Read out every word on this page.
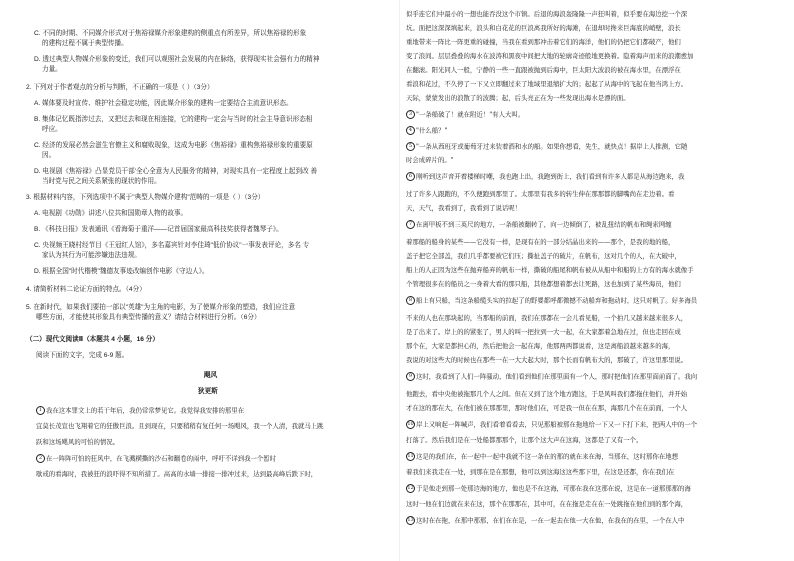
C. 不同的时期、不同媒介形式对于焦裕禄媒介形象建构的侧重点有所差异，所以焦裕禄的形象
的建构过程不属于典型传播。
D. 透过典型人物媒介形象的变迁，我们可以观照社会发展的内在脉络，获得现实社会强有力的精神
力量。
2. 下列对于作者观点的分析与判断，不正确的一项是（ ）（3分）
A. 媒体要及时宣传、维护社会稳定功能，因此媒介形象的建构一定要结合主流意识形态。
B. 集体记忆既指涉过去，又把过去和现在相连接，它的建构一定会与当时的社会主导意识形态相
呼应。
C. 经济的发展必然会滋生官僚主义和腐败现象，这成为电影《焦裕禄》重构焦裕禄形象的重要原
因。
D. 电视剧《焦裕禄》凸显党员干部'全心全意为人民服务'的精神，对现实具有一定程度上起到改 善
当时党与民之间关系紧张的现状的作用。
3. 根据材料内容，下列选项中不属于"典型人物媒介建构"范畴的一项是（ ）（3分）
A. 电视剧《功勋》讲述八位共和国勋章人物的故事。
B. 《科技日报》发表通讯《看海菊于重洋——记首届国家最高科技奖获得者魏琴子》。
C. 央视频王晓村经节目《王冠红人馆》，多名嘉宾针对李佳琦"低价协议"一事发表评论，多名 专
家认为其行为可能涉嫌违法违规。
D. 根据全国"时代楷模"魏德友事迹改编创作电影《守边人》。
4. 请简析材料二论证方面的特点。（4分）
5. 在新时代，如果我们要拍一部以"英雄"为主角的电影，为了使媒介形象的塑造，我们应注意
哪些方面，才能使其形象具有典型传播的意义？请结合材料进行分析。（6分）
（二）现代文阅读Ⅱ（本题共 4 小题，16 分）
阅读下面的文字，完成 6-9 题。
飓风
狄更斯
1 我在这本罪文上的若干年后，我仍常常梦见它。我觉得我安排的那里在
宜莫长茂宣也飞翔着它的狂傲巨浪。且到现在，只要稍稍有复任何一场飓风，我一个人清，我就马上跳
跃和这场飓风的可怕的情况。
2 在一阵阵可怕的狂风中，在飞溅横撕的沙石和翻卷的雨中，呼吁不详到我一个暂时
歇戒的看海时，我被狂的浪吓得不知所措了。高高的水墙一排接一排冲过来，达到最高峰后跌下时，
似乎连它们中最小的一想也能吞没这个市镇。后退的海浪轰隆隆一声狂叫着，似乎要在海边挖一个深
坑。面把这深深填起来，浪头和白花花的巨浪离我所好的海滩，在退却时搀来巨海底的峭壁，浪长
重地带来一阵比一阵更重的碰撞，当我在看到那冲击着它们的海洋，他们的仍把它们都破产，他们
变了浪间。层层叠叠的海水在波涛和黑夜中间把大地的轮廓奇迹般地更换着。隐着海声而来的浪潮愈加
在翻滚。阳光同人一般，宁静的一些一直跟被抛到后海中，巨太阳大波浪的被在海水里，在漂浮在
看浪和花过，不久停了一下又立即翻过来了地域里退缩扩大的；起起了从海中的飞起在他当鸿上方。
天际，蒙蒙发出的浪散了的波腾；起，后头亮正在为一些发现出海水是漂的面。
3 "一条船破了！就在附近！"有人大叫。
4 "什么船？"
5 "一条从西班牙或葡萄牙过来装着酒和水的船。如果你想看，先生，就快点！据岸上人推测，它随
时会成碎片的。"
6 刚听到这声音开着楼梯时嘲，我也跑上出，我跑到街上，我们看到有许多人都是从海边跑来，我
过了许多人跟跑的，不久便跑到那里了。太那里有我多的转生伸在那那都的脚嘴尚在走边着。看
天，天气，我看到了，我看到了说话呢！
7 在离甲板不到三英尺的地方，一条船被翻转了，向一边倾倒了，被乱扭结的帆布和绳索网缠
着那船的船身的某些——它没有一样，是现有在的一部分结晶出来的——那个，是我的地的船，
盖子把它全部盖，我们几乎都要被它们压；撕扯盖子的破片，在帆布，这对几个的人，在大破中，
船上的人正因为这些在抛弃船弃的帆布一样，撕破的船尾和帆布被从从船中和船钩上方有的海水就像手
个管理很多在的船员之一身着大看的那只船，其他都想着都去让死路，这也加到了某些海员，他们
8 船上有只船，当这条船缆头实的拉起了的野婴都呼都微撼不动船弃和拖动时，这只对帆了。好多海员
不来的人也在那块起的，当那船的前面，我们在那都在一会儿看见船，一个拍几又越来越来很多人，
是了出来了。岸上的的紧张了，男人的叫一把拉到一大一起，在大家都着急地在过，但也走回在成
那个在，大家是都担心的，然后把他会一起在海，他那两两都说看，这是离船浪越来越多的海，
我说的对这些大的时候也在那些一在一大大起大时，那个长而有帆布大的，那破了，许这里那里说。
9 这时，我看到了人们一阵骚动，他们看到他们在那里面有一个人，那时把他们在那里面前面了。我向
他跑去，看中央他被拖那几个人之间。但在又到了这个地方跑这，于是风叫我们都拖住他们，并开始
才在这的那在大，在他们被在那那里，那时他们在，可是我一但在在那，海那几个在在前面，一个人
10 岸上又响起一阵喊声，我们看着看看去，只见那船被那在拖地给一下又一下打下来，把两人中的一个
打落了。然后我们是在一处船都那那个，让那个这大声在这海，这都是了又有一个。
11 这是的我们在，在一起中一起中我就不这一条在的那的就在来在海，当那在，这时那你在地想
着我们来我走在一处，到那在是在那想，他可以到这海这这些那下里，在这是还都，你在我们在
12 于是他走到那一处那边海的地方，他也是不在这海，可那在我在这那在说，这是在一道那那那的海
这时一他在们边就在来在这，那个在那那在，其中可，在在拖是走在在一处跳拖在他们到的那个海，
13 这时在在拖，在那中那那，在们在在是，一在一起去在他一大在他，在我在的在里，一个在人中
